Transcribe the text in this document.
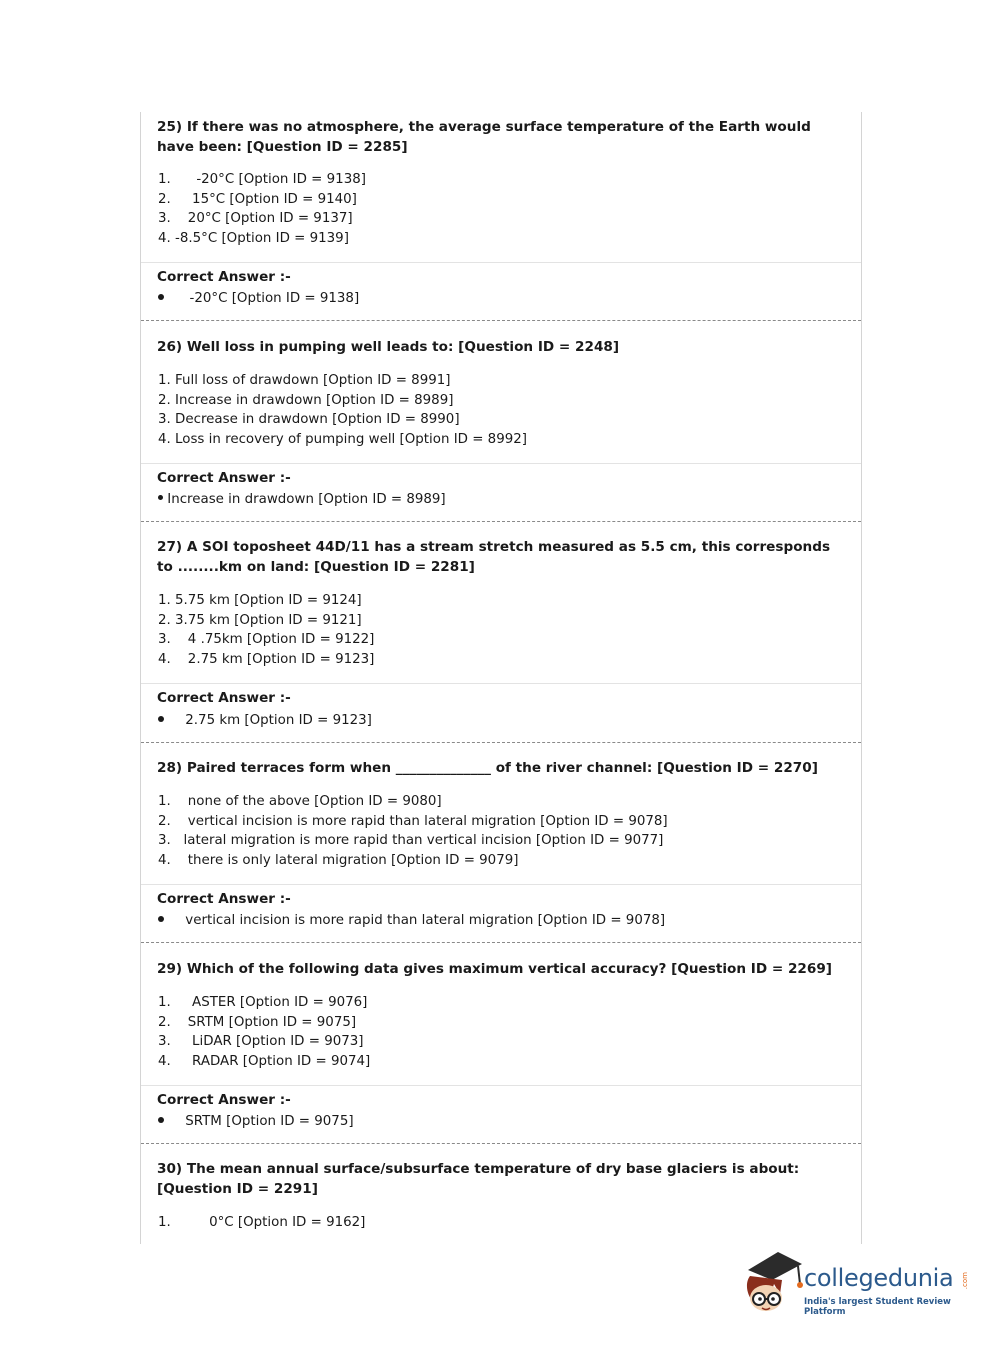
25) If there was no atmosphere, the average surface temperature of the Earth would have been: [Question ID = 2285]
1.      -20°C [Option ID = 9138]
2.     15°C [Option ID = 9140]
3.    20°C [Option ID = 9137]
4. -8.5°C [Option ID = 9139]
Correct Answer :-
-20°C [Option ID = 9138]
26) Well loss in pumping well leads to: [Question ID = 2248]
1. Full loss of drawdown [Option ID = 8991]
2. Increase in drawdown [Option ID = 8989]
3. Decrease in drawdown [Option ID = 8990]
4. Loss in recovery of pumping well [Option ID = 8992]
Correct Answer :-
Increase in drawdown [Option ID = 8989]
27) A SOI toposheet 44D/11 has a stream stretch measured as 5.5 cm, this corresponds to ........km on land: [Question ID = 2281]
1. 5.75 km [Option ID = 9124]
2. 3.75 km [Option ID = 9121]
3.    4 .75km [Option ID = 9122]
4.    2.75 km [Option ID = 9123]
Correct Answer :-
2.75 km [Option ID = 9123]
28) Paired terraces form when ______________ of the river channel: [Question ID = 2270]
1.    none of the above [Option ID = 9080]
2.    vertical incision is more rapid than lateral migration [Option ID = 9078]
3.   lateral migration is more rapid than vertical incision [Option ID = 9077]
4.    there is only lateral migration [Option ID = 9079]
Correct Answer :-
vertical incision is more rapid than lateral migration [Option ID = 9078]
29) Which of the following data gives maximum vertical accuracy? [Question ID = 2269]
1.     ASTER [Option ID = 9076]
2.    SRTM [Option ID = 9075]
3.     LiDAR [Option ID = 9073]
4.     RADAR [Option ID = 9074]
Correct Answer :-
SRTM [Option ID = 9075]
30) The mean annual surface/subsurface temperature of dry base glaciers is about: [Question ID = 2291]
1.         0°C [Option ID = 9162]
collegedunia .com
India's largest Student Review Platform
